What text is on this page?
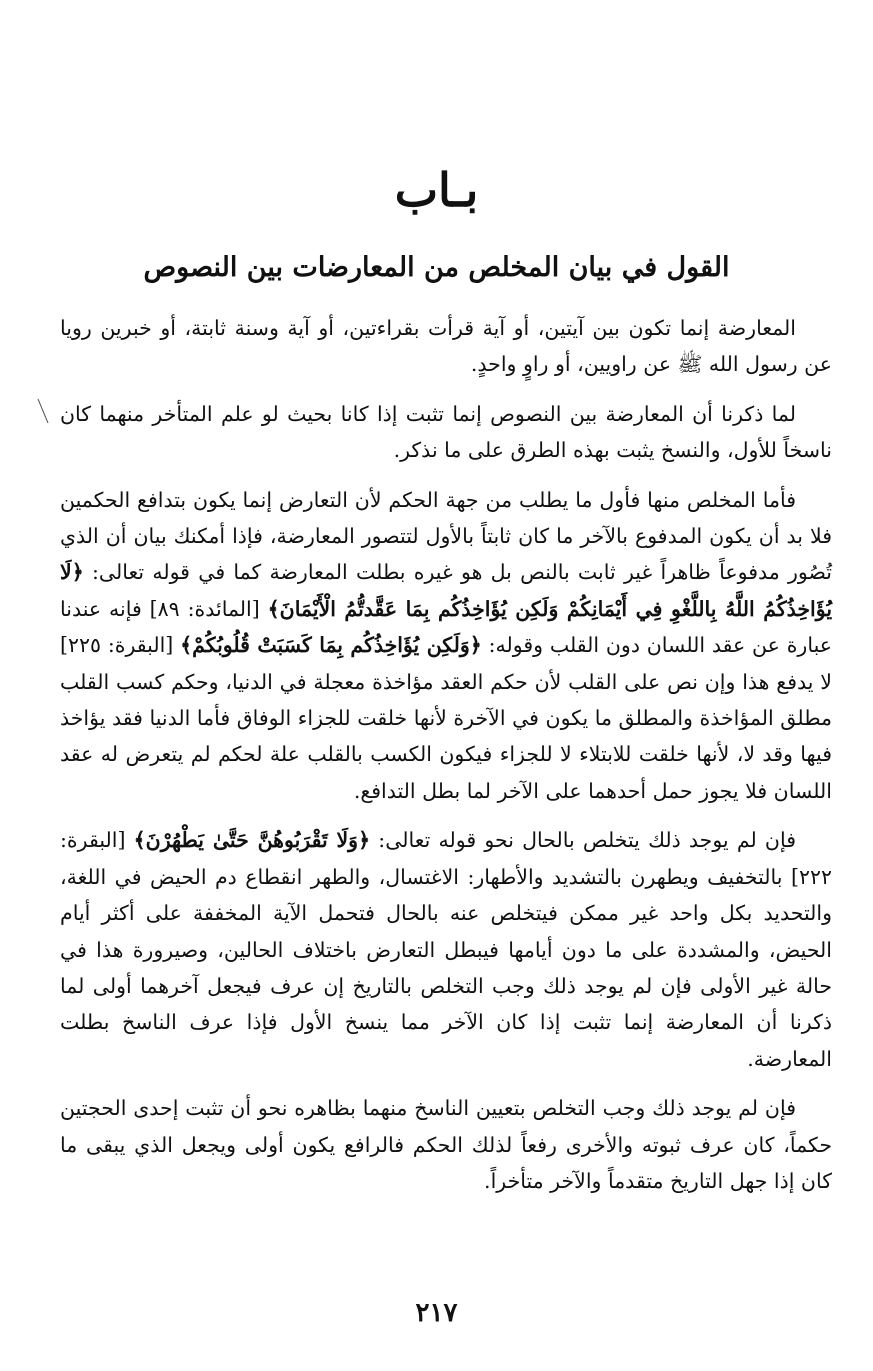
بـاب
القول في بيان المخلص من المعارضات بين النصوص

المعارضة إنما تكون بين آيتين، أو آية قرأت بقراءتين، أو آية وسنة ثابتة، أو خبرين رويا عن رسول الله ﷺ عن راويين، أو راوٍ واحدٍ.

لما ذكرنا أن المعارضة بين النصوص إنما تثبت إذا كانا بحيث لو علم المتأخر منهما كان ناسخاً للأول، والنسخ يثبت بهذه الطرق على ما نذكر.

فأما المخلص منها فأول ما يطلب من جهة الحكم لأن التعارض إنما يكون بتدافع الحكمين فلا بد أن يكون المدفوع بالآخر ما كان ثابتاً بالأول لتتصور المعارضة، فإذا أمكنك بيان أن الذي تُصُور مدفوعاً ظاهراً غير ثابت بالنص بل هو غيره بطلت المعارضة كما في قوله تعالى: ﴿لَا يُؤَاخِذُكُمُ اللَّهُ بِاللَّغْوِ فِي أَيْمَانِكُمْ وَلَكِن يُؤَاخِذُكُم بِمَا عَقَّدتُّمُ الْأَيْمَانَ﴾ [المائدة: ٨٩] فإنه عندنا عبارة عن عقد اللسان دون القلب وقوله: ﴿وَلَكِن يُؤَاخِذُكُم بِمَا كَسَبَتْ قُلُوبُكُمْ﴾ [البقرة: ٢٢٥] لا يدفع هذا وإن نص على القلب لأن حكم العقد مؤاخذة معجلة في الدنيا، وحكم كسب القلب مطلق المؤاخذة والمطلق ما يكون في الآخرة لأنها خلقت للجزاء الوفاق فأما الدنيا فقد يؤاخذ فيها وقد لا، لأنها خلقت للابتلاء لا للجزاء فيكون الكسب بالقلب علة لحكم لم يتعرض له عقد اللسان فلا يجوز حمل أحدهما على الآخر لما بطل التدافع.

فإن لم يوجد ذلك يتخلص بالحال نحو قوله تعالى: ﴿وَلَا تَقْرَبُوهُنَّ حَتَّىٰ يَطْهُرْنَ﴾ [البقرة: ٢٢٢] بالتخفيف ويطهرن بالتشديد والأطهار: الاغتسال، والطهر انقطاع دم الحيض في اللغة، والتحديد بكل واحد غير ممكن فيتخلص عنه بالحال فتحمل الآية المخففة على أكثر أيام الحيض، والمشددة على ما دون أيامها فيبطل التعارض باختلاف الحالين، وصيرورة هذا في حالة غير الأولى فإن لم يوجد ذلك وجب التخلص بالتاريخ إن عرف فيجعل آخرهما أولى لما ذكرنا أن المعارضة إنما تثبت إذا كان الآخر مما ينسخ الأول فإذا عرف الناسخ بطلت المعارضة.

فإن لم يوجد ذلك وجب التخلص بتعيين الناسخ منهما بظاهره نحو أن تثبت إحدى الحجتين حكماً، كان عرف ثبوته والأخرى رفعاً لذلك الحكم فالرافع يكون أولى ويجعل الذي يبقى ما كان إذا جهل التاريخ متقدماً والآخر متأخراً.

٢١٧
